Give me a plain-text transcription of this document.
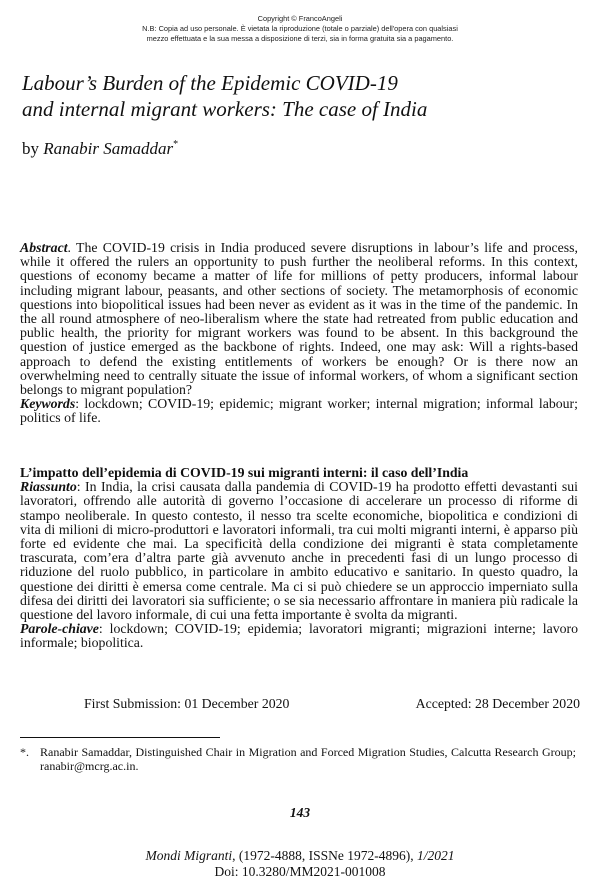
Copyright © FrancoAngeli
N.B: Copia ad uso personale. È vietata la riproduzione (totale o parziale) dell'opera con qualsiasi
mezzo effettuata e la sua messa a disposizione di terzi, sia in forma gratuita sia a pagamento.
Labour’s Burden of the Epidemic COVID-19
and internal migrant workers: The case of India
by Ranabir Samaddar*
Abstract. The COVID-19 crisis in India produced severe disruptions in labour’s life and process, while it offered the rulers an opportunity to push further the neoliberal reforms. In this context, questions of economy became a matter of life for millions of petty producers, informal labour including migrant labour, peasants, and other sections of society. The metamorphosis of economic questions into biopolitical issues had been never as evident as it was in the time of the pandemic. In the all round atmosphere of neo-liberalism where the state had retreated from public education and public health, the priority for migrant workers was found to be absent. In this background the question of justice emerged as the backbone of rights. Indeed, one may ask: Will a rights-based approach to defend the existing entitlements of workers be enough? Or is there now an overwhelming need to centrally situate the issue of informal workers, of whom a significant section belongs to migrant population?
Keywords: lockdown; COVID-19; epidemic; migrant worker; internal migration; informal labour; politics of life.
L’impatto dell’epidemia di COVID-19 sui migranti interni: il caso dell’India
Riassunto: In India, la crisi causata dalla pandemia di COVID-19 ha prodotto effetti devastanti sui lavoratori, offrendo alle autorità di governo l’occasione di accelerare un processo di riforme di stampo neoliberale. In questo contesto, il nesso tra scelte economiche, biopolitica e condizioni di vita di milioni di micro-produttori e lavoratori informali, tra cui molti migranti interni, è apparso più forte ed evidente che mai. La specificità della condizione dei migranti è stata completamente trascurata, com’era d’altra parte già avvenuto anche in precedenti fasi di un lungo processo di riduzione del ruolo pubblico, in particolare in ambito educativo e sanitario. In questo quadro, la questione dei diritti è emersa come centrale. Ma ci si può chiedere se un approccio imperniato sulla difesa dei diritti dei lavoratori sia sufficiente; o se sia necessario affrontare in maniera più radicale la questione del lavoro informale, di cui una fetta importante è svolta da migranti.
Parole-chiave: lockdown; COVID-19; epidemia; lavoratori migranti; migrazioni interne; lavoro informale; biopolitica.
First Submission: 01 December 2020	Accepted: 28 December 2020
*. Ranabir Samaddar, Distinguished Chair in Migration and Forced Migration Studies, Calcutta Research Group; ranabir@mcrg.ac.in.
143
Mondi Migranti, (1972-4888, ISSNe 1972-4896), 1/2021
Doi: 10.3280/MM2021-001008
